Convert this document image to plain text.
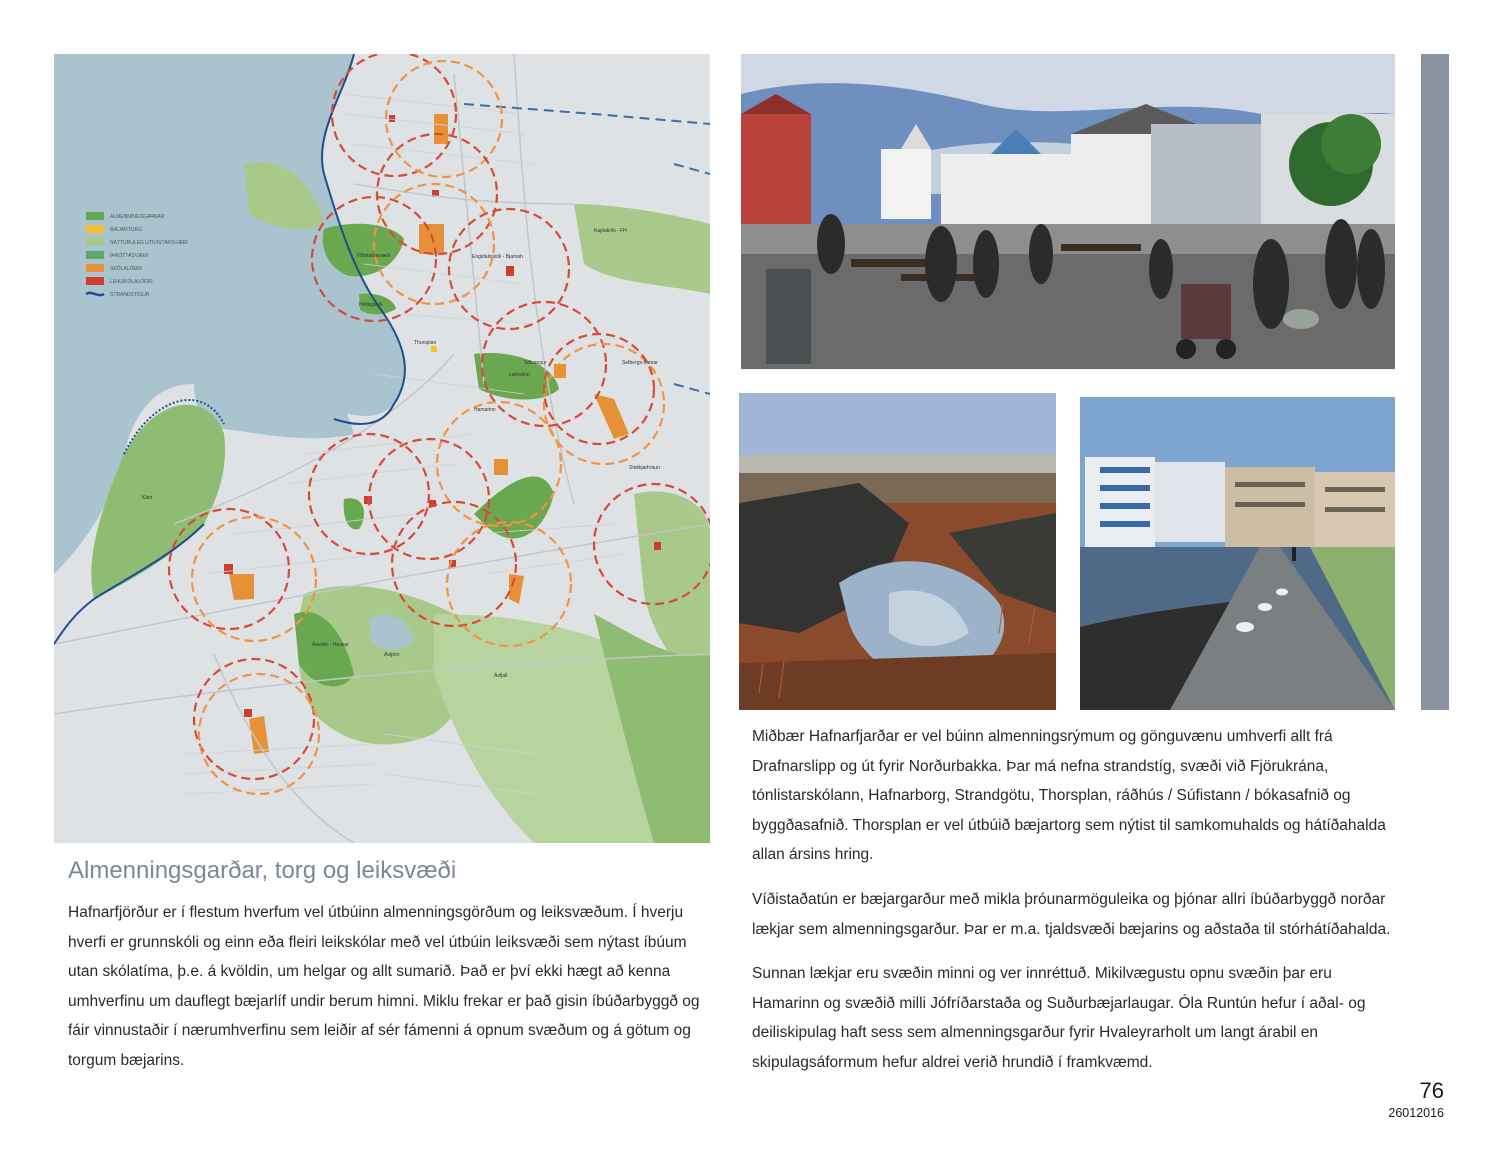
ALMENNINGSGARÐAR
BÆJARTORG
NÁTTÚRULEG ÚTIVISTARSVÆÐI
ÍÞRÓTTASVÆÐI
SKÓLALÓÐIR
LEIKSKÓLALÓÐIR
STRANDSTÍGUR
Víðistaðasvæði	Engidalsskóli - Bjarnah.
Kaplakriki - FH
Hellisgerði
Thorsplan
Sólvangur
Lækurinn
Setbergs-hamar
Hamarinn
Kárir
Stekkjarhraun
Ásvellir - Haukar
Ástjörn
Ásfjall
Almenningsgarðar, torg og leiksvæði

Hafnarfjörður er í flestum hverfum vel útbúinn almenningsgörðum og leiksvæðum. Í hverju hverfi er grunnskóli og einn eða fleiri leikskólar með vel útbúin leiksvæði sem nýtast íbúum utan skólatíma, þ.e. á kvöldin, um helgar og allt sumarið. Það er því ekki hægt að kenna umhverfinu um dauflegt bæjarlíf undir berum himni. Miklu frekar er það gisin íbúðarbyggð og fáir vinnustaðir í nærumhverfinu sem leiðir af sér fámenni á opnum svæðum og á götum og torgum bæjarins.

Miðbær Hafnarfjarðar er vel búinn almenningsrýmum og gönguvænu umhverfi allt frá Drafnarslipp og út fyrir Norðurbakka. Þar má nefna strandstíg, svæði við Fjörukrána, tónlistarskólann, Hafnarborg, Strandgötu, Thorsplan, ráðhús / Súfistann / bókasafnið og byggðasafnið. Thorsplan er vel útbúið bæjartorg sem nýtist til samkomuhalds og hátíðahalda allan ársins hring.

Víðistaðatún er bæjargarður með mikla þróunarmöguleika og þjónar allri íbúðarbyggð norðar lækjar sem almenningsgarður. Þar er m.a. tjaldsvæði bæjarins og aðstaða til stórhátíðahalda.

Sunnan lækjar eru svæðin minni og ver innréttuð. Mikilvægustu opnu svæðin þar eru Hamarinn og svæðið milli Jófríðarstaða og Suðurbæjarlaugar. Óla Runtún hefur í aðal- og deiliskipulag haft sess sem almenningsgarður fyrir Hvaleyrarholt um langt árabil en skipulagsáformum hefur aldrei verið hrundið í framkvæmd.

76
26012016
